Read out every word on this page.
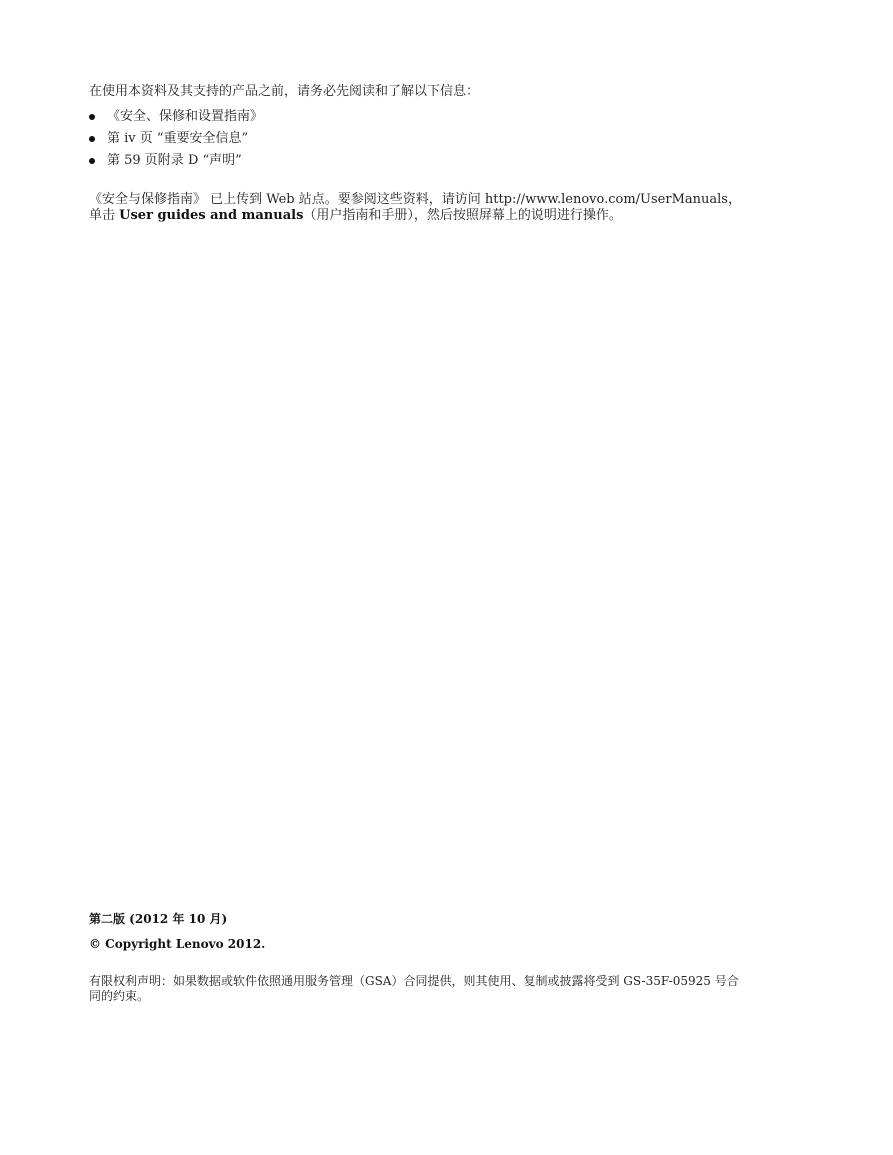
在使用本资料及其支持的产品之前，请务必先阅读和了解以下信息：
《安全、保修和设置指南》
第 iv 页 “重要安全信息”
第 59 页附录 D “声明”
《安全与保修指南》 已上传到 Web 站点。要参阅这些资料，请访问 http://www.lenovo.com/UserManuals，
单击 User guides and manuals（用户指南和手册），然后按照屏幕上的说明进行操作。
第二版 (2012 年 10 月)
© Copyright Lenovo 2012.
有限权利声明：如果数据或软件依照通用服务管理（GSA）合同提供，则其使用、复制或披露将受到 GS-35F-05925 号合
同的约束。
